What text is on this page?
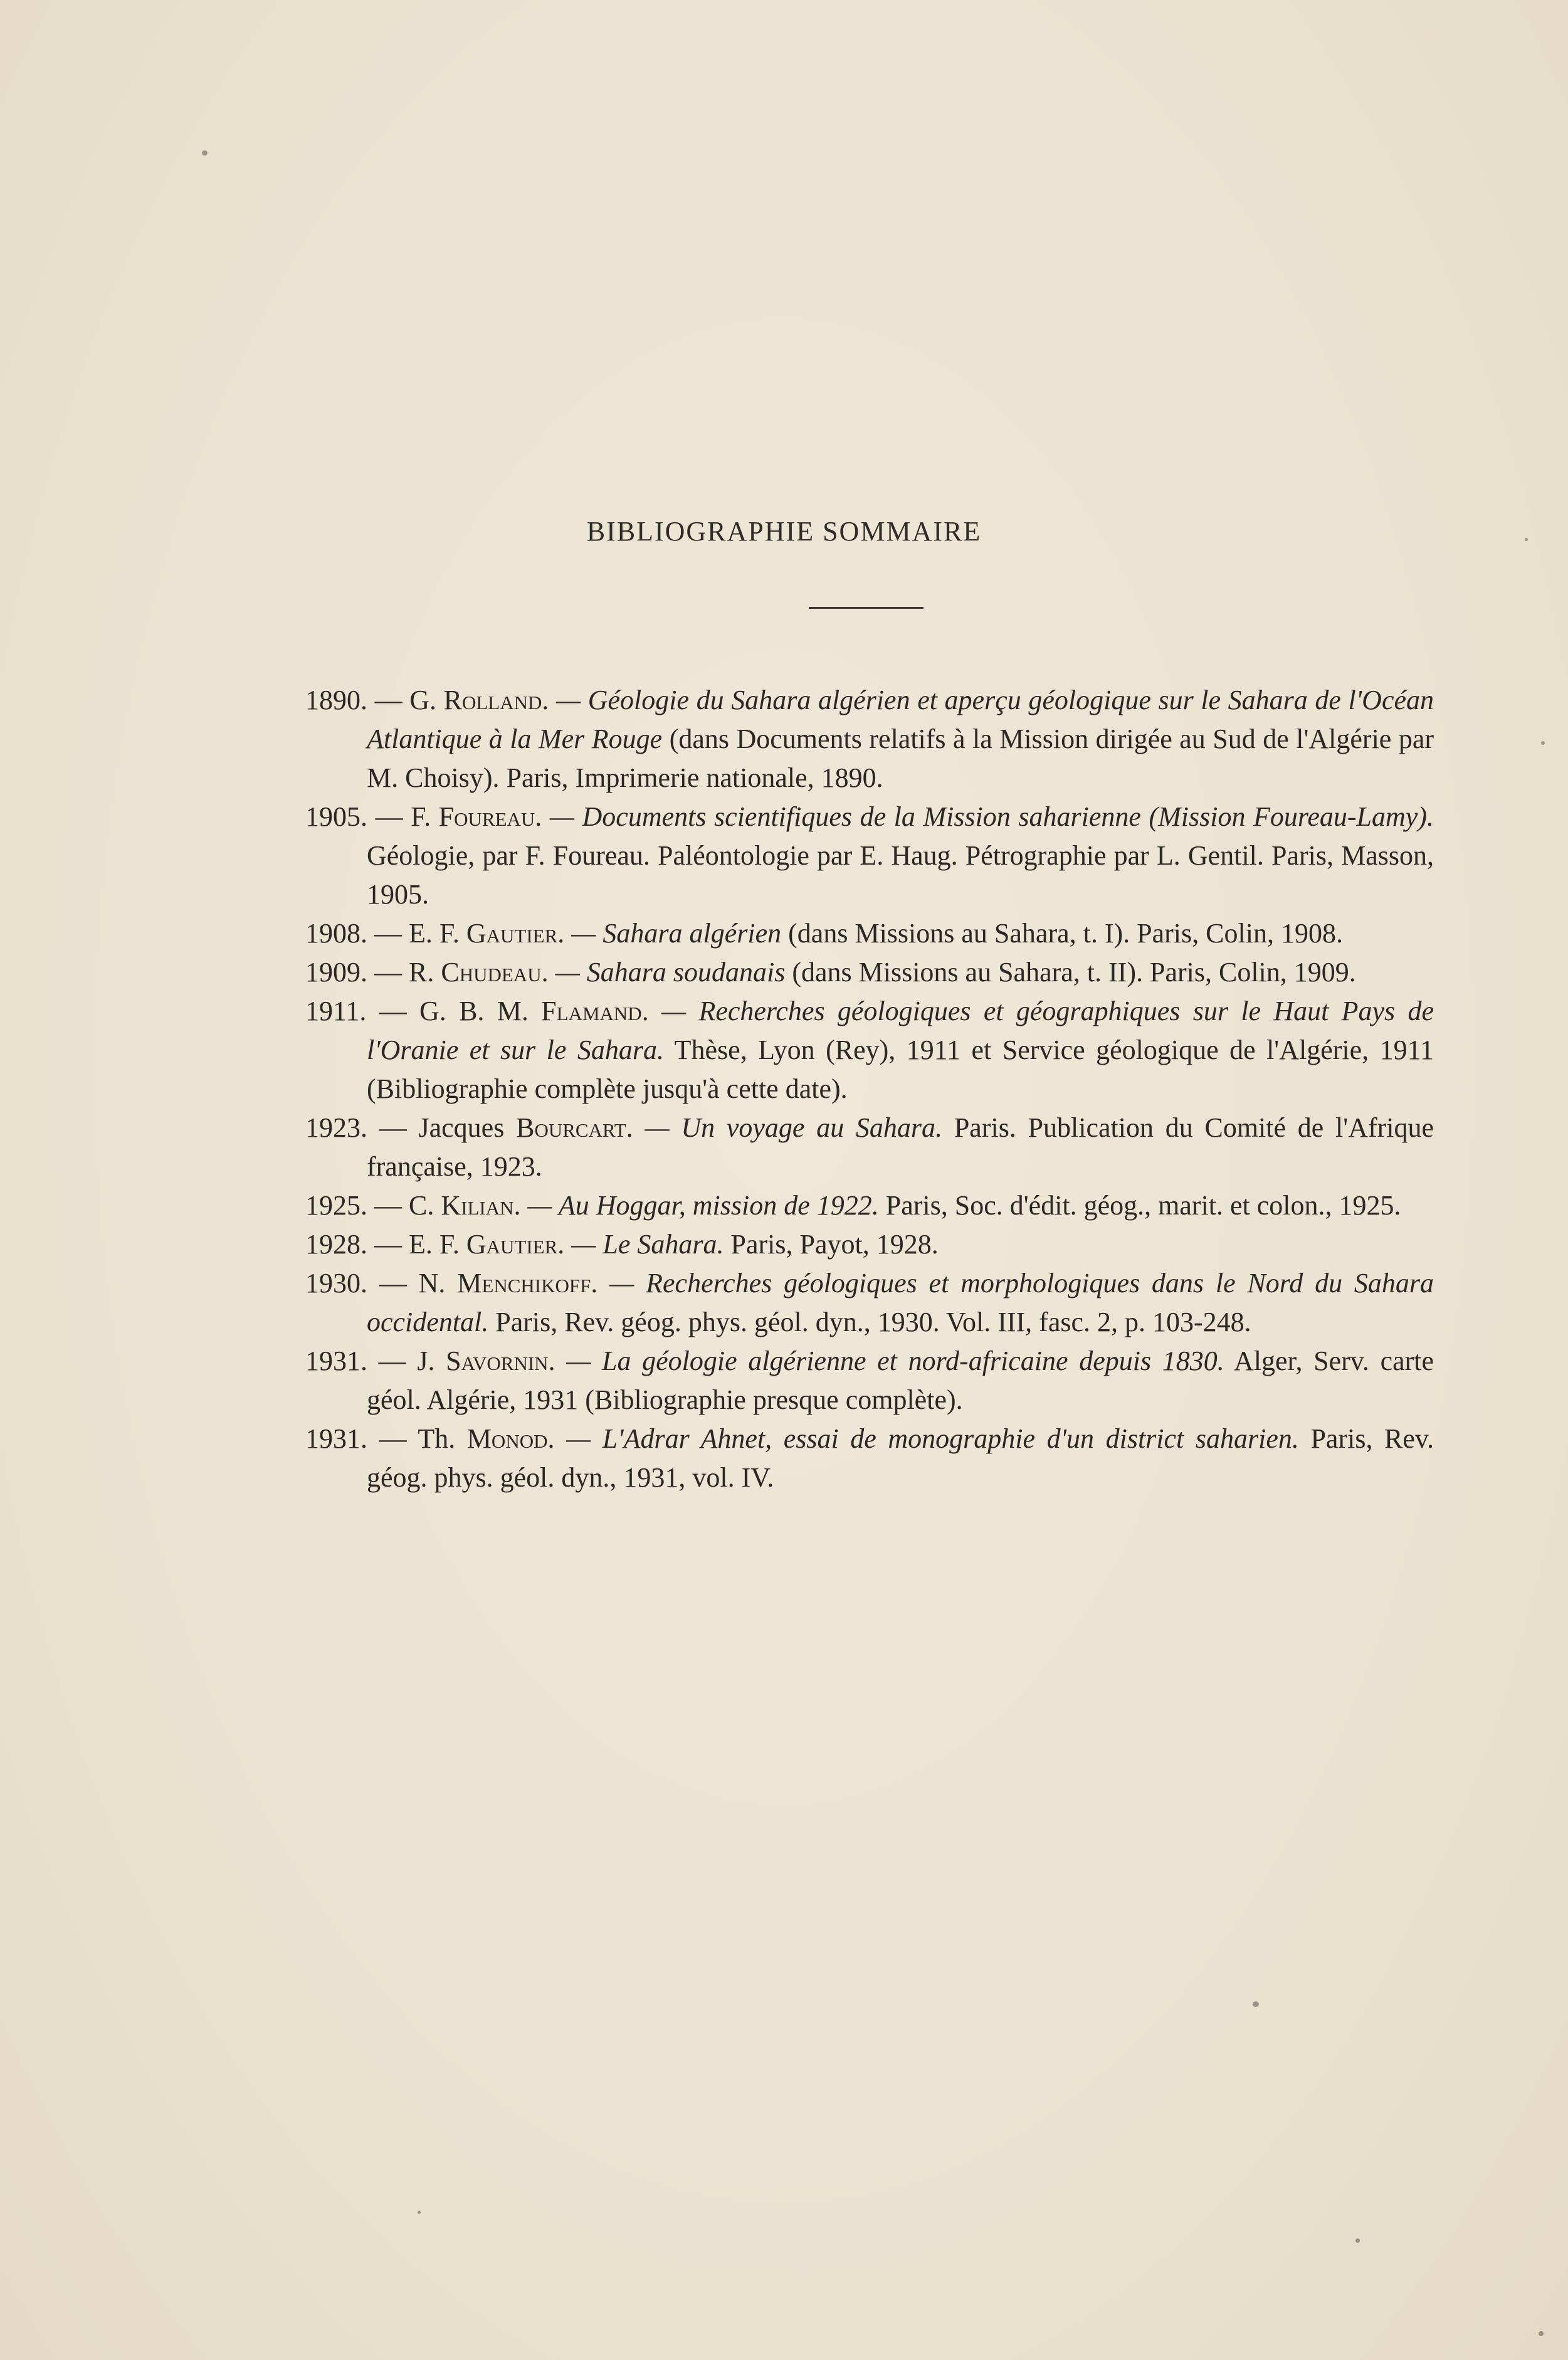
BIBLIOGRAPHIE SOMMAIRE

1890. — G. Rolland. — Géologie du Sahara algérien et aperçu géologique sur le Sahara de l'Océan Atlantique à la Mer Rouge (dans Documents relatifs à la Mission dirigée au Sud de l'Algérie par M. Choisy). Paris, Imprimerie nationale, 1890.

1905. — F. Foureau. — Documents scientifiques de la Mission saharienne (Mission Foureau-Lamy). Géologie, par F. Foureau. Paléontologie par E. Haug. Pétrographie par L. Gentil. Paris, Masson, 1905.

1908. — E. F. Gautier. — Sahara algérien (dans Missions au Sahara, t. I). Paris, Colin, 1908.

1909. — R. Chudeau. — Sahara soudanais (dans Missions au Sahara, t. II). Paris, Colin, 1909.

1911. — G. B. M. Flamand. — Recherches géologiques et géographiques sur le Haut Pays de l'Oranie et sur le Sahara. Thèse, Lyon (Rey), 1911 et Service géologique de l'Algérie, 1911 (Bibliographie complète jusqu'à cette date).

1923. — Jacques Bourcart. — Un voyage au Sahara. Paris. Publication du Comité de l'Afrique française, 1923.

1925. — C. Kilian. — Au Hoggar, mission de 1922. Paris, Soc. d'édit. géog., marit. et colon., 1925.

1928. — E. F. Gautier. — Le Sahara. Paris, Payot, 1928.

1930. — N. Menchikoff. — Recherches géologiques et morphologiques dans le Nord du Sahara occidental. Paris, Rev. géog. phys. géol. dyn., 1930. Vol. III, fasc. 2, p. 103-248.

1931. — J. Savornin. — La géologie algérienne et nord-africaine depuis 1830. Alger, Serv. carte géol. Algérie, 1931 (Bibliographie presque complète).

1931. — Th. Monod. — L'Adrar Ahnet, essai de monographie d'un district saharien. Paris, Rev. géog. phys. géol. dyn., 1931, vol. IV.
